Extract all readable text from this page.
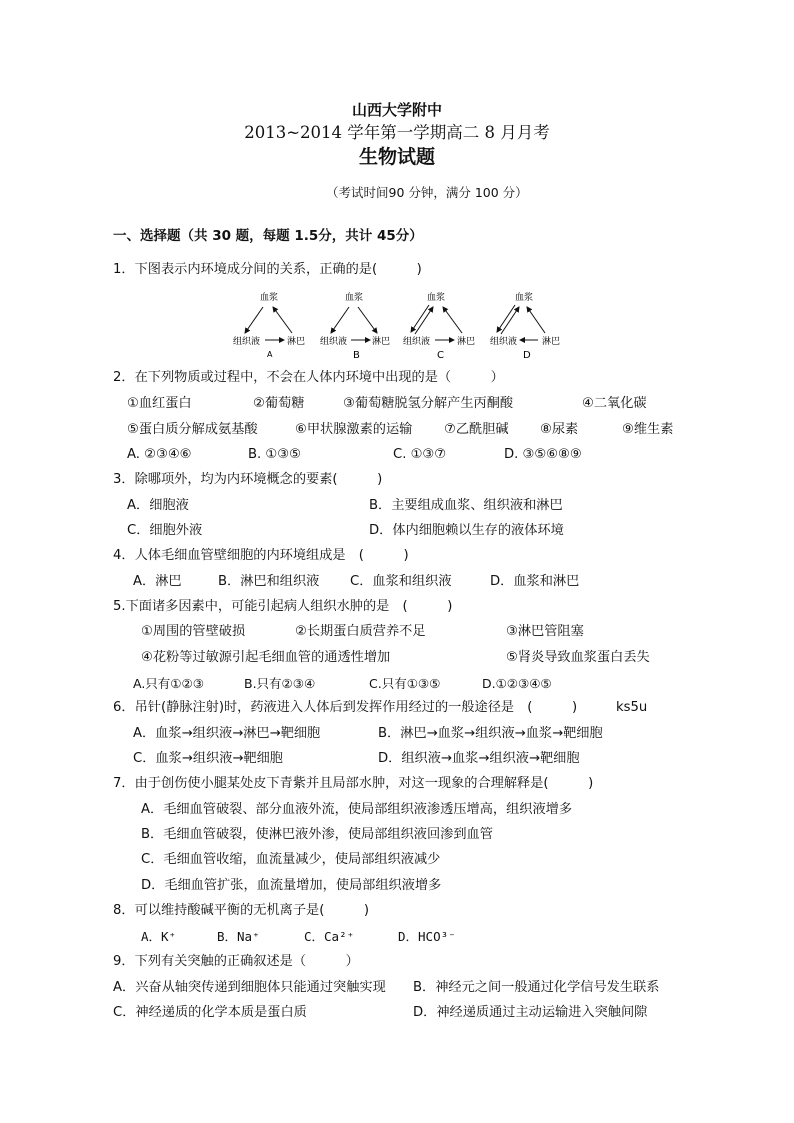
山西大学附中
2013~2014 学年第一学期高二 8 月月考
生物试题
（考试时间90 分钟，满分 100 分）
一、选择题（共 30 题，每题 1.5分，共计 45分）
1．下图表示内环境成分间的关系，正确的是(　　　)
血浆
组织液	淋巴
A
血浆
组织液	淋巴
B
血浆
组织液	淋巴
C
血浆
组织液	淋巴
D
2．在下列物质或过程中，不会在人体内环境中出现的是（　　　）
①血红蛋白	②葡萄糖	③葡萄糖脱氢分解产生丙酮酸	④二氧化碳
⑤蛋白质分解成氨基酸	⑥甲状腺激素的运输 ⑦乙酰胆碱 ⑧尿素	⑨维生素
A. ②③④⑥	B. ①③⑤	C. ①③⑦	D. ③⑤⑥⑧⑨
3．除哪项外，均为内环境概念的要素(　　　)
A．细胞液	B．主要组成血浆、组织液和淋巴
C．细胞外液	D．体内细胞赖以生存的液体环境
4．人体毛细血管壁细胞的内环境组成是　(　　　)
A．淋巴	B．淋巴和组织液 C．血浆和组织液	D．血浆和淋巴
5.下面诸多因素中，可能引起病人组织水肿的是　(　　　)
①周围的管壁破损	②长期蛋白质营养不足	③淋巴管阻塞
④花粉等过敏源引起毛细血管的通透性增加	⑤肾炎导致血浆蛋白丢失
A.只有①②③	B.只有②③④	C.只有①③⑤	D.①②③④⑤
6．吊针(静脉注射)时，药液进入人体后到发挥作用经过的一般途径是　(　　　)	ks5u
A．血浆→组织液→淋巴→靶细胞	B．淋巴→血浆→组织液→血浆→靶细胞
C．血浆→组织液→靶细胞	D．组织液→血浆→组织液→靶细胞
7．由于创伤使小腿某处皮下青紫并且局部水肿，对这一现象的合理解释是(　　　)
A．毛细血管破裂、部分血液外流，使局部组织液渗透压增高，组织液增多
B．毛细血管破裂，使淋巴液外渗，使局部组织液回渗到血管
C．毛细血管收缩，血流量减少，使局部组织液减少
D．毛细血管扩张，血流量增加，使局部组织液增多
8．可以维持酸碱平衡的无机离子是(　　　)
A．K⁺	B．Na⁺	C．Ca²⁺	D．HCO³⁻
9．下列有关突触的正确叙述是（　　　）
A．兴奋从轴突传递到细胞体只能通过突触实现 B．神经元之间一般通过化学信号发生联系
C．神经递质的化学本质是蛋白质	D．神经递质通过主动运输进入突触间隙
